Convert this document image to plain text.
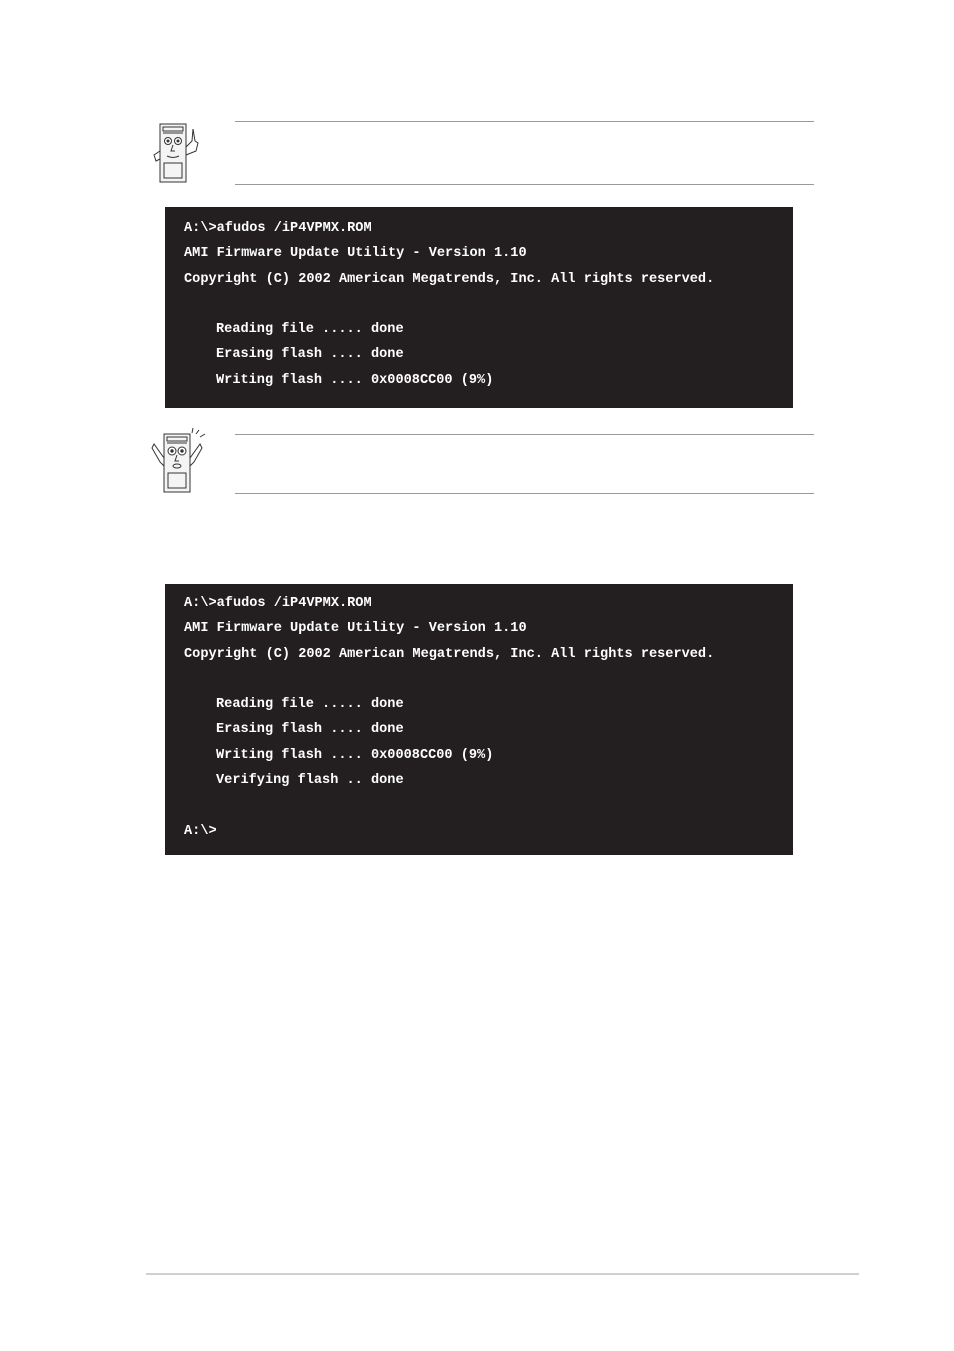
A:\>afudos /iP4VPMX.ROM
AMI Firmware Update Utility - Version 1.10
Copyright (C) 2002 American Megatrends, Inc. All rights reserved.
Reading file ..... done
Erasing flash .... done
Writing flash .... 0x0008CC00 (9%)
A:\>afudos /iP4VPMX.ROM
AMI Firmware Update Utility - Version 1.10
Copyright (C) 2002 American Megatrends, Inc. All rights reserved.
Reading file ..... done
Erasing flash .... done
Writing flash .... 0x0008CC00 (9%)
Verifying flash .. done
A:\>
